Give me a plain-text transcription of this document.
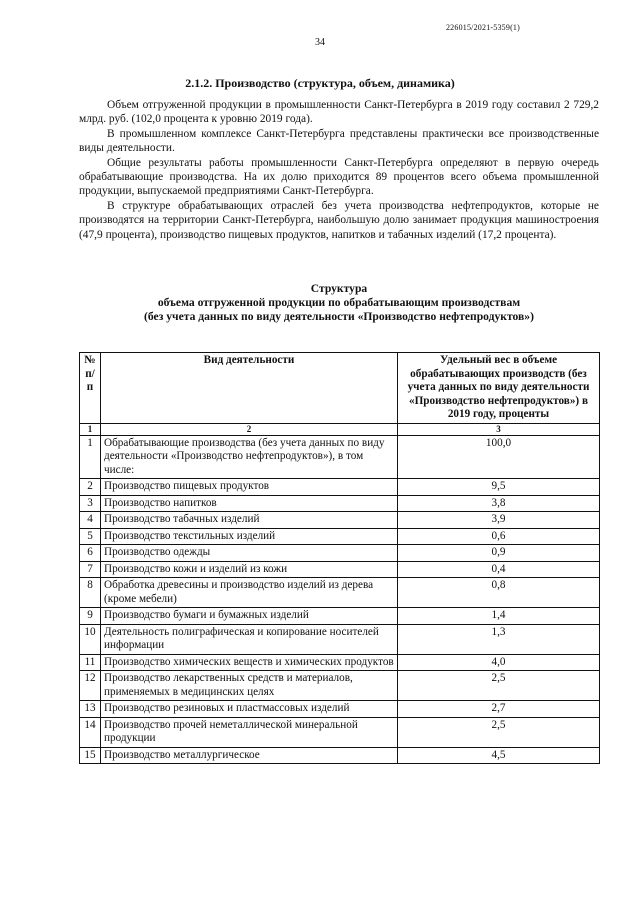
226015/2021-5359(1)
34
2.1.2. Производство (структура, объем, динамика)

Объем отгруженной продукции в промышленности Санкт-Петербурга в 2019 году составил 2 729,2 млрд. руб. (102,0 процента к уровню 2019 года).

В промышленном комплексе Санкт-Петербурга представлены практически все производственные виды деятельности.

Общие результаты работы промышленности Санкт-Петербурга определяют в первую очередь обрабатывающие производства. На их долю приходится 89 процентов всего объема промышленной продукции, выпускаемой предприятиями Санкт-Петербурга.

В структуре обрабатывающих отраслей без учета производства нефтепродуктов, которые не производятся на территории Санкт-Петербурга, наибольшую долю занимает продукция машиностроения (47,9 процента), производство пищевых продуктов, напитков и табачных изделий (17,2 процента).

Структура
объема отгруженной продукции по обрабатывающим производствам
(без учета данных по виду деятельности «Производство нефтепродуктов»)
№ п/п	Вид деятельности	Удельный вес в объеме обрабатывающих производств (без учета данных по виду деятельности «Производство нефтепродуктов») в 2019 году, проценты
1	2	3
1	Обрабатывающие производства (без учета данных по виду деятельности «Производство нефтепродуктов»), в том числе:	100,0
2	Производство пищевых продуктов	9,5
3	Производство напитков	3,8
4	Производство табачных изделий	3,9
5	Производство текстильных изделий	0,6
6	Производство одежды	0,9
7	Производство кожи и изделий из кожи	0,4
8	Обработка древесины и производство изделий из дерева (кроме мебели)	0,8
9	Производство бумаги и бумажных изделий	1,4
10	Деятельность полиграфическая и копирование носителей информации	1,3
11	Производство химических веществ и химических продуктов	4,0
12	Производство лекарственных средств и материалов, применяемых в медицинских целях	2,5
13	Производство резиновых и пластмассовых изделий	2,7
14	Производство прочей неметаллической минеральной продукции	2,5
15	Производство металлургическое	4,5
